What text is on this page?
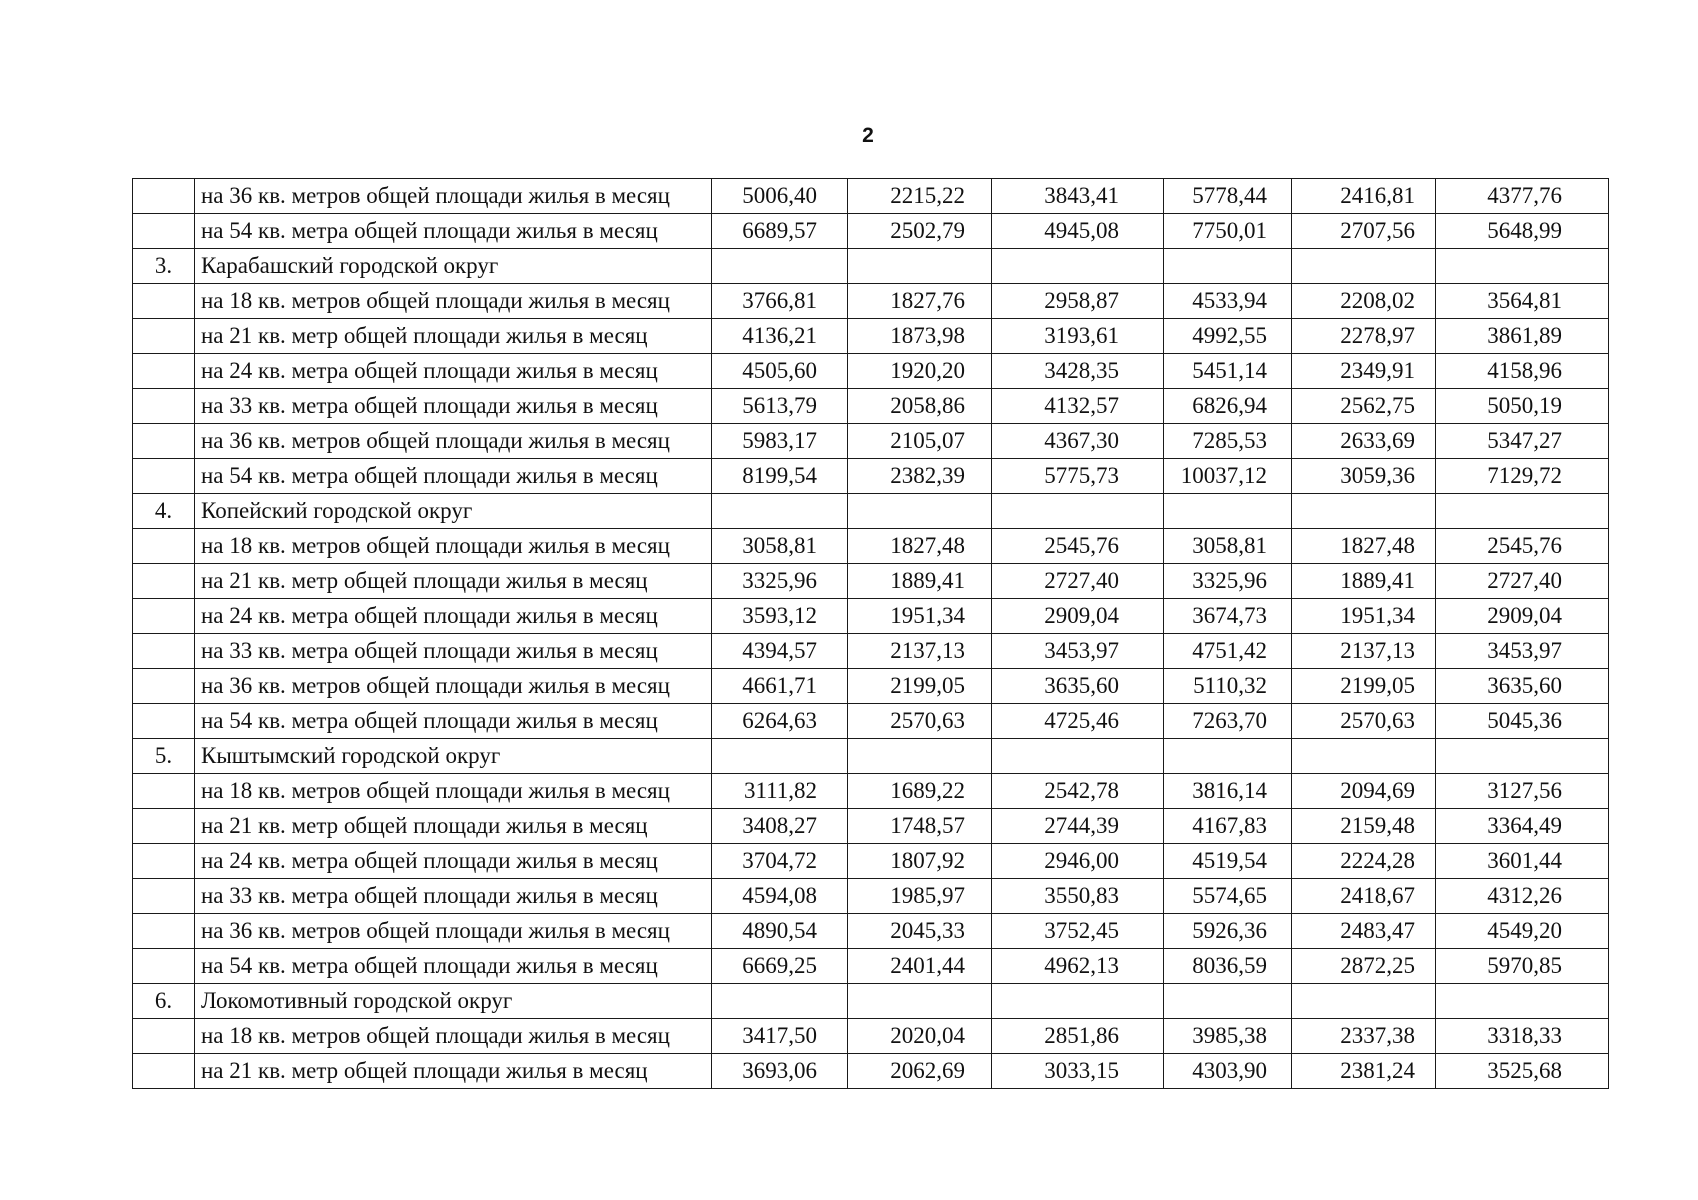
2
	на 36 кв. метров общей площади жилья в месяц	5006,40	2215,22	3843,41	5778,44	2416,81	4377,76
	на 54 кв. метра общей площади жилья в месяц	6689,57	2502,79	4945,08	7750,01	2707,56	5648,99
3.	Карабашский городской округ						
	на 18 кв. метров общей площади жилья в месяц	3766,81	1827,76	2958,87	4533,94	2208,02	3564,81
	на 21 кв. метр общей площади жилья в месяц	4136,21	1873,98	3193,61	4992,55	2278,97	3861,89
	на 24 кв. метра общей площади жилья в месяц	4505,60	1920,20	3428,35	5451,14	2349,91	4158,96
	на 33 кв. метра общей площади жилья в месяц	5613,79	2058,86	4132,57	6826,94	2562,75	5050,19
	на 36 кв. метров общей площади жилья в месяц	5983,17	2105,07	4367,30	7285,53	2633,69	5347,27
	на 54 кв. метра общей площади жилья в месяц	8199,54	2382,39	5775,73	10037,12	3059,36	7129,72
4.	Копейский городской округ						
	на 18 кв. метров общей площади жилья в месяц	3058,81	1827,48	2545,76	3058,81	1827,48	2545,76
	на 21 кв. метр общей площади жилья в месяц	3325,96	1889,41	2727,40	3325,96	1889,41	2727,40
	на 24 кв. метра общей площади жилья в месяц	3593,12	1951,34	2909,04	3674,73	1951,34	2909,04
	на 33 кв. метра общей площади жилья в месяц	4394,57	2137,13	3453,97	4751,42	2137,13	3453,97
	на 36 кв. метров общей площади жилья в месяц	4661,71	2199,05	3635,60	5110,32	2199,05	3635,60
	на 54 кв. метра общей площади жилья в месяц	6264,63	2570,63	4725,46	7263,70	2570,63	5045,36
5.	Кыштымский городской округ						
	на 18 кв. метров общей площади жилья в месяц	3111,82	1689,22	2542,78	3816,14	2094,69	3127,56
	на 21 кв. метр общей площади жилья в месяц	3408,27	1748,57	2744,39	4167,83	2159,48	3364,49
	на 24 кв. метра общей площади жилья в месяц	3704,72	1807,92	2946,00	4519,54	2224,28	3601,44
	на 33 кв. метра общей площади жилья в месяц	4594,08	1985,97	3550,83	5574,65	2418,67	4312,26
	на 36 кв. метров общей площади жилья в месяц	4890,54	2045,33	3752,45	5926,36	2483,47	4549,20
	на 54 кв. метра общей площади жилья в месяц	6669,25	2401,44	4962,13	8036,59	2872,25	5970,85
6.	Локомотивный городской округ						
	на 18 кв. метров общей площади жилья в месяц	3417,50	2020,04	2851,86	3985,38	2337,38	3318,33
	на 21 кв. метр общей площади жилья в месяц	3693,06	2062,69	3033,15	4303,90	2381,24	3525,68
